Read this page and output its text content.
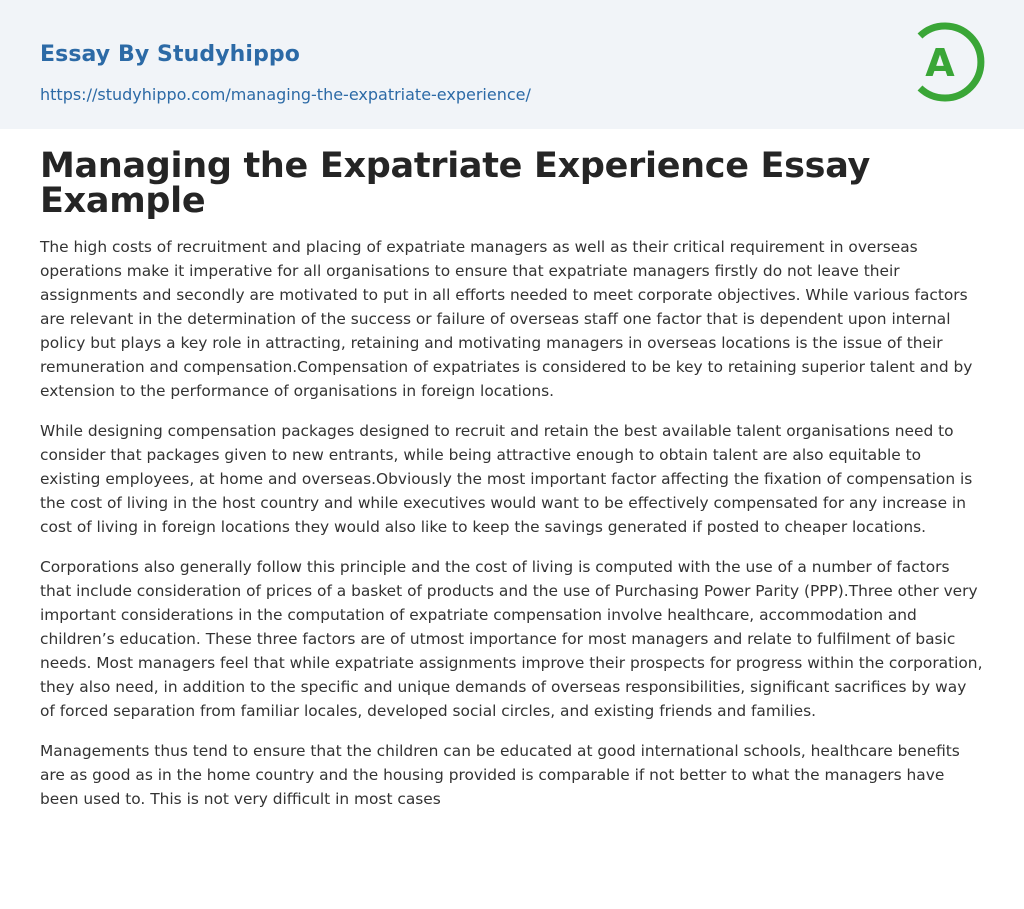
Essay By Studyhippo
https://studyhippo.com/managing-the-expatriate-experience/
A
Managing the Expatriate Experience Essay Example

The high costs of recruitment and placing of expatriate managers as well as their critical requirement in overseas operations make it imperative for all organisations to ensure that expatriate managers firstly do not leave their assignments and secondly are motivated to put in all efforts needed to meet corporate objectives. While various factors are relevant in the determination of the success or failure of overseas staff one factor that is dependent upon internal policy but plays a key role in attracting, retaining and motivating managers in overseas locations is the issue of their remuneration and compensation.Compensation of expatriates is considered to be key to retaining superior talent and by extension to the performance of organisations in foreign locations.

While designing compensation packages designed to recruit and retain the best available talent organisations need to consider that packages given to new entrants, while being attractive enough to obtain talent are also equitable to existing employees, at home and overseas.Obviously the most important factor affecting the fixation of compensation is the cost of living in the host country and while executives would want to be effectively compensated for any increase in cost of living in foreign locations they would also like to keep the savings generated if posted to cheaper locations.

Corporations also generally follow this principle and the cost of living is computed with the use of a number of factors that include consideration of prices of a basket of products and the use of Purchasing Power Parity (PPP).Three other very important considerations in the computation of expatriate compensation involve healthcare, accommodation and children’s education. These three factors are of utmost importance for most managers and relate to fulfilment of basic needs. Most managers feel that while expatriate assignments improve their prospects for progress within the corporation, they also need, in addition to the specific and unique demands of overseas responsibilities, significant sacrifices by way of forced separation from familiar locales, developed social circles, and existing friends and families.

Managements thus tend to ensure that the children can be educated at good international schools, healthcare benefits are as good as in the home country and the housing provided is comparable if not better to what the managers have been used to. This is not very difficult in most cases
